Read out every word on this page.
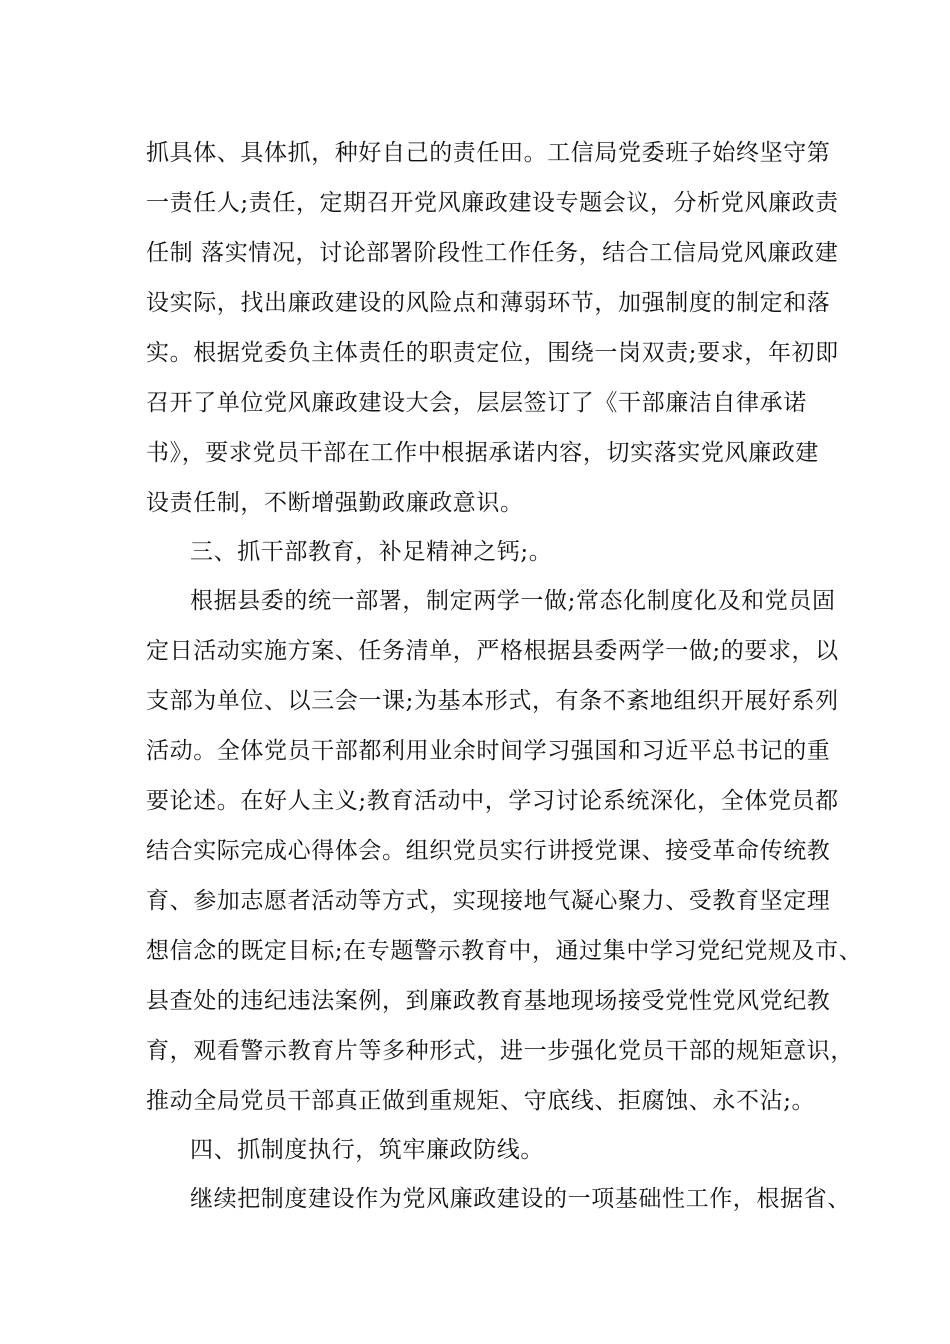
抓具体、具体抓，种好自己的责任田。工信局党委班子始终坚守第
一责任人;责任，定期召开党风廉政建设专题会议，分析党风廉政责
任制 落实情况，讨论部署阶段性工作任务，结合工信局党风廉政建
设实际，找出廉政建设的风险点和薄弱环节，加强制度的制定和落
实。根据党委负主体责任的职责定位，围绕一岗双责;要求，年初即
召开了单位党风廉政建设大会，层层签订了《干部廉洁自律承诺
书》，要求党员干部在工作中根据承诺内容，切实落实党风廉政建
设责任制，不断增强勤政廉政意识。
三、抓干部教育，补足精神之钙;。
根据县委的统一部署，制定两学一做;常态化制度化及和党员固
定日活动实施方案、任务清单，严格根据县委两学一做;的要求，以
支部为单位、以三会一课;为基本形式，有条不紊地组织开展好系列
活动。全体党员干部都利用业余时间学习强国和习近平总书记的重
要论述。在好人主义;教育活动中，学习讨论系统深化，全体党员都
结合实际完成心得体会。组织党员实行讲授党课、接受革命传统教
育、参加志愿者活动等方式，实现接地气凝心聚力、受教育坚定理
想信念的既定目标;在专题警示教育中，通过集中学习党纪党规及市、
县查处的违纪违法案例，到廉政教育基地现场接受党性党风党纪教
育，观看警示教育片等多种形式，进一步强化党员干部的规矩意识，
推动全局党员干部真正做到重规矩、守底线、拒腐蚀、永不沾;。
四、抓制度执行，筑牢廉政防线。
继续把制度建设作为党风廉政建设的一项基础性工作，根据省、
